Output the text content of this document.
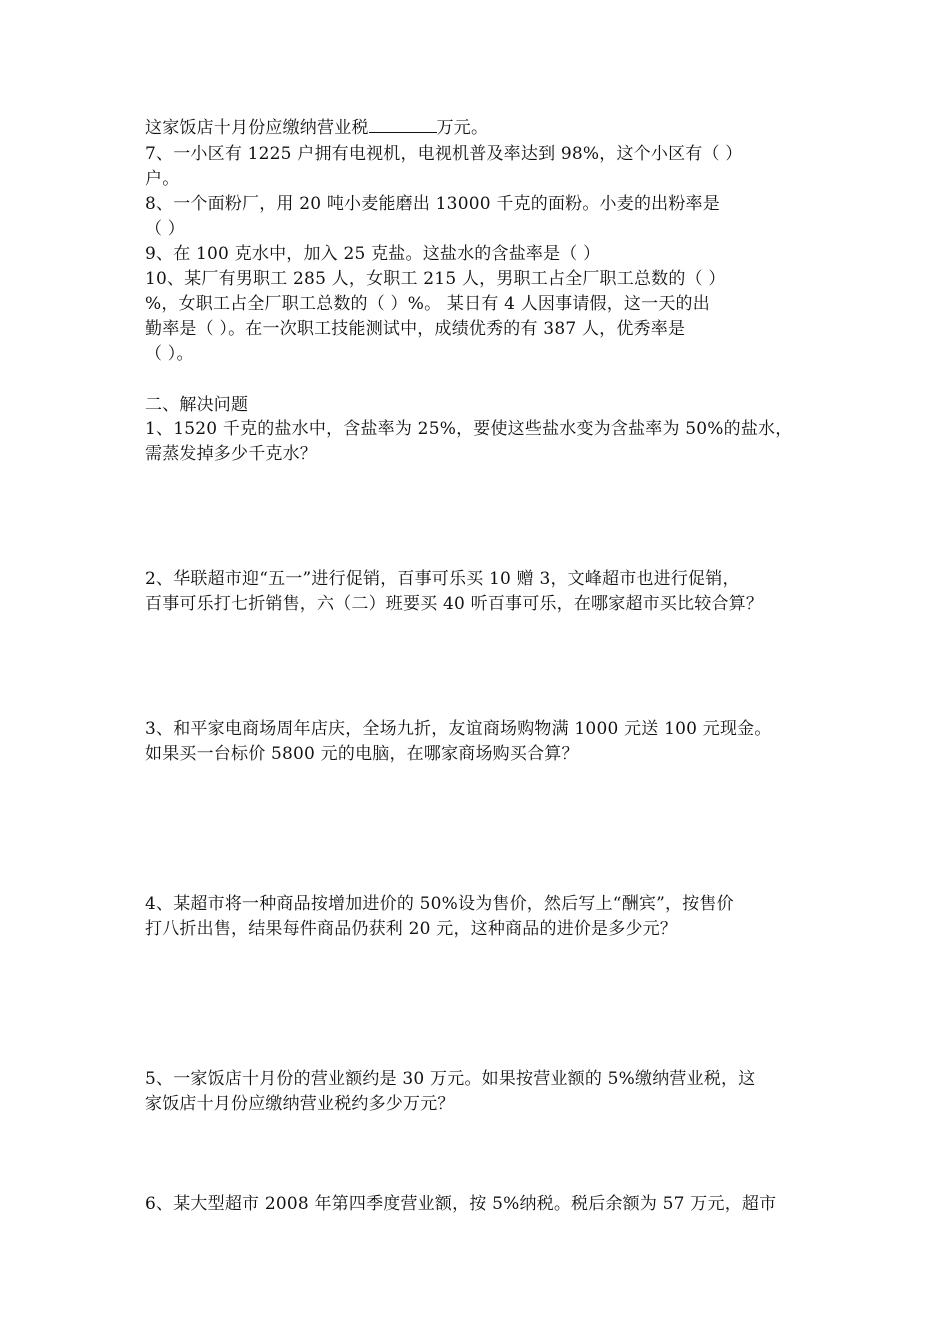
这家饭店十月份应缴纳营业税	万元。
7、一小区有 1225 户拥有电视机，电视机普及率达到 98%，这个小区有（ ）
户。
8、一个面粉厂，用 20 吨小麦能磨出 13000 千克的面粉。小麦的出粉率是
（ ）
9、在 100 克水中，加入 25 克盐。这盐水的含盐率是（ ）
10、某厂有男职工 285 人，女职工 215 人，男职工占全厂职工总数的（ ）
%，女职工占全厂职工总数的（ ）%。 某日有 4 人因事请假，这一天的出
勤率是（ ）。在一次职工技能测试中，成绩优秀的有 387 人，优秀率是
（ ）。
二、解决问题
1、1520 千克的盐水中，含盐率为 25%，要使这些盐水变为含盐率为 50%的盐水，
需蒸发掉多少千克水？
2、华联超市迎“五一”进行促销，百事可乐买 10 赠 3，文峰超市也进行促销，
百事可乐打七折销售，六（二）班要买 40 听百事可乐，在哪家超市买比较合算？
3、和平家电商场周年店庆，全场九折，友谊商场购物满 1000 元送 100 元现金。
如果买一台标价 5800 元的电脑，在哪家商场购买合算？
4、某超市将一种商品按增加进价的 50%设为售价，然后写上“酬宾”，按售价
打八折出售，结果每件商品仍获利 20 元，这种商品的进价是多少元？
5、一家饭店十月份的营业额约是 30 万元。如果按营业额的 5%缴纳营业税，这
家饭店十月份应缴纳营业税约多少万元？
6、某大型超市 2008 年第四季度营业额，按 5%纳税。税后余额为 57 万元，超市
